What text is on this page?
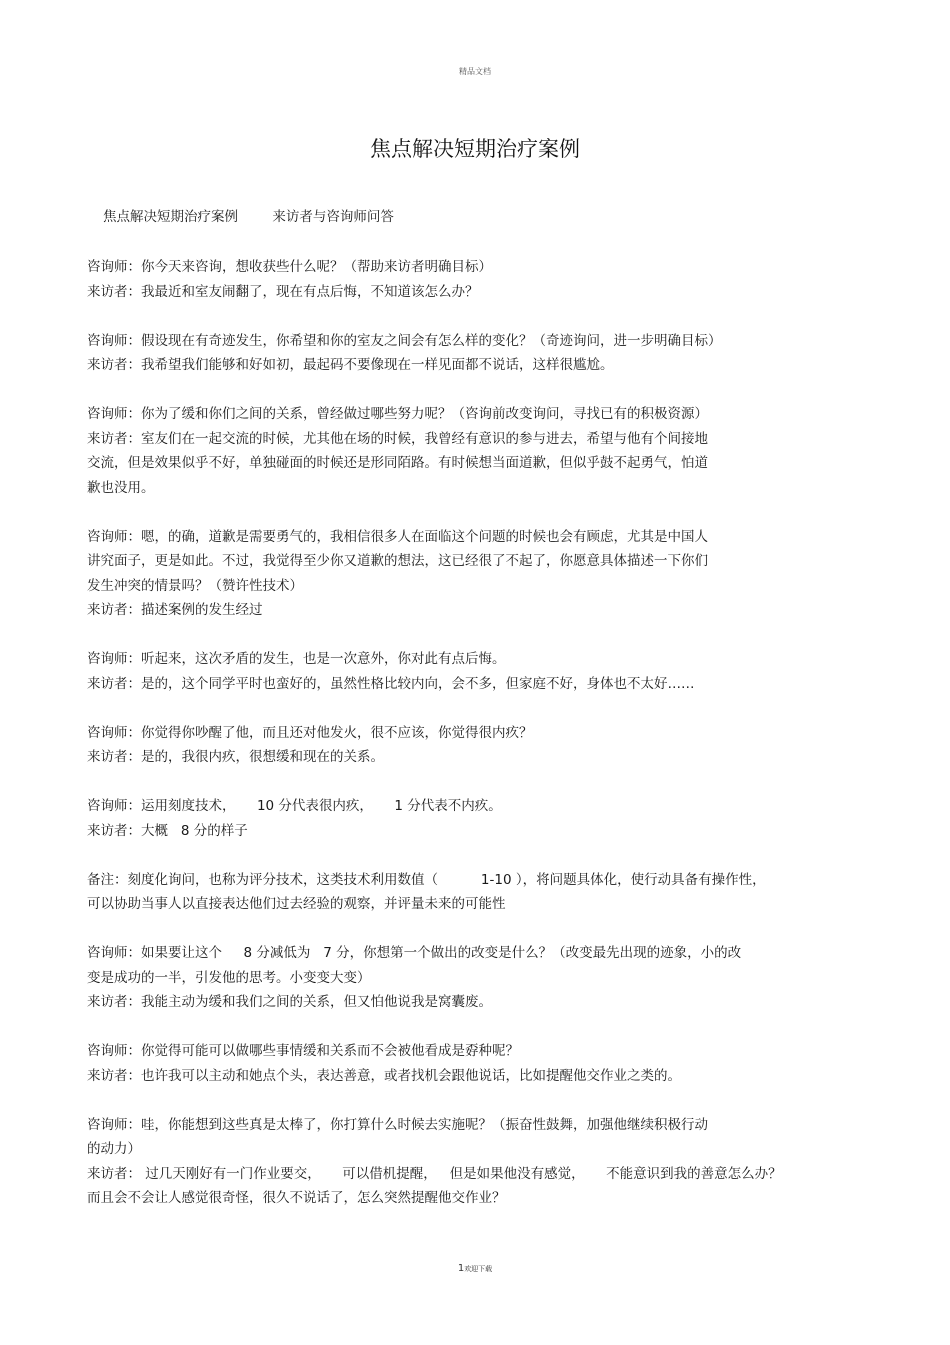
精品文档
焦点解决短期治疗案例
焦点解决短期治疗案例        来访者与咨询师问答
咨询师：你今天来咨询，想收获些什么呢？（帮助来访者明确目标）
来访者：我最近和室友闹翻了，现在有点后悔，不知道该怎么办？
咨询师：假设现在有奇迹发生，你希望和你的室友之间会有怎么样的变化？（奇迹询问，进一步明确目标）
来访者：我希望我们能够和好如初，最起码不要像现在一样见面都不说话，这样很尴尬。
咨询师：你为了缓和你们之间的关系，曾经做过哪些努力呢？（咨询前改变询问，寻找已有的积极资源）
来访者：室友们在一起交流的时候，尤其他在场的时候，我曾经有意识的参与进去，希望与他有个间接地
交流，但是效果似乎不好，单独碰面的时候还是形同陌路。有时候想当面道歉，但似乎鼓不起勇气，怕道
歉也没用。
咨询师：嗯，的确，道歉是需要勇气的，我相信很多人在面临这个问题的时候也会有顾虑，尤其是中国人
讲究面子，更是如此。不过，我觉得至少你又道歉的想法，这已经很了不起了，你愿意具体描述一下你们
发生冲突的情景吗？（赞许性技术）
来访者：描述案例的发生经过
咨询师：听起来，这次矛盾的发生，也是一次意外，你对此有点后悔。
来访者：是的，这个同学平时也蛮好的，虽然性格比较内向，会不多，但家庭不好，身体也不太好……
咨询师：你觉得你吵醒了他，而且还对他发火，很不应该，你觉得很内疚？
来访者：是的，我很内疚，很想缓和现在的关系。
咨询师：运用刻度技术，     10 分代表很内疚，     1 分代表不内疚。
来访者：大概   8 分的样子
备注：刻度化询问，也称为评分技术，这类技术利用数值（          1-10 ），将问题具体化，使行动具备有操作性，
可以协助当事人以直接表达他们过去经验的观察，并评量未来的可能性
咨询师：如果要让这个     8 分减低为   7 分，你想第一个做出的改变是什么？（改变最先出现的迹象，小的改
变是成功的一半，引发他的思考。小变变大变）
来访者：我能主动为缓和我们之间的关系，但又怕他说我是窝囊废。
咨询师：你觉得可能可以做哪些事情缓和关系而不会被他看成是孬种呢？
来访者：也许我可以主动和她点个头，表达善意，或者找机会跟他说话，比如提醒他交作业之类的。
咨询师：哇，你能想到这些真是太棒了，你打算什么时候去实施呢？（振奋性鼓舞，加强他继续积极行动
的动力）
来访者： 过几天刚好有一门作业要交，     可以借机提醒，   但是如果他没有感觉，     不能意识到我的善意怎么办？
而且会不会让人感觉很奇怪，很久不说话了，怎么突然提醒他交作业？
1欢迎下载
